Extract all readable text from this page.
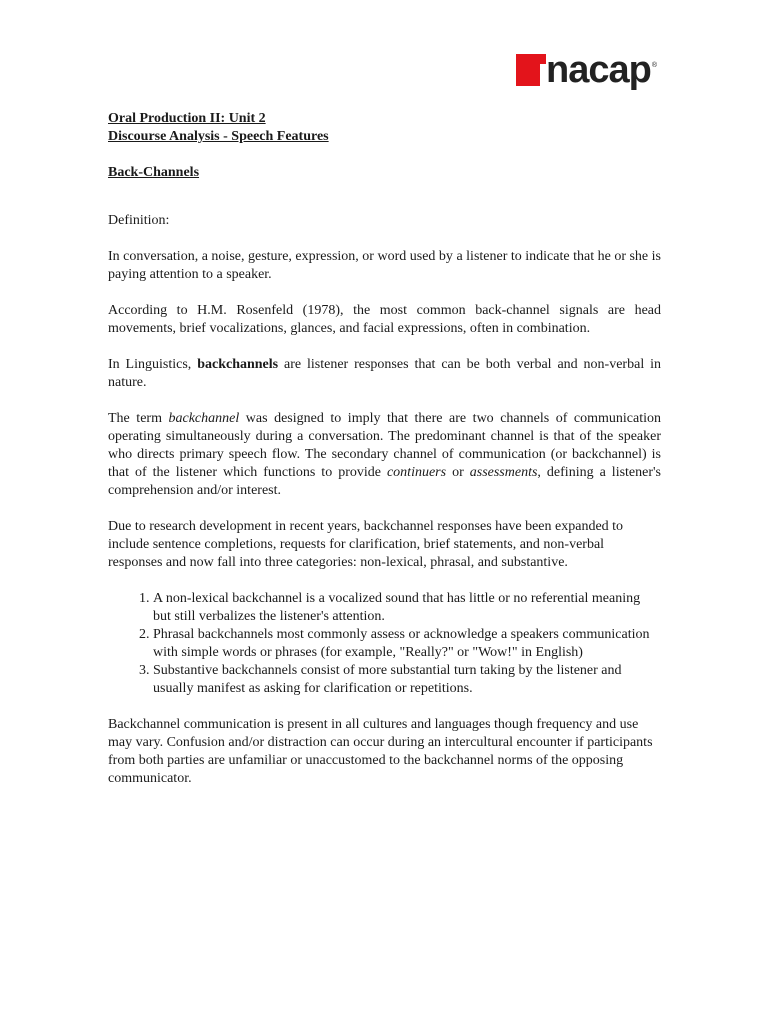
nacap ®

Oral Production II: Unit 2

Discourse Analysis - Speech Features

Back-Channels

Definition:

In conversation, a noise, gesture, expression, or word used by a listener to indicate that he or she is paying attention to a speaker.

According to H.M. Rosenfeld (1978), the most common back-channel signals are head movements, brief vocalizations, glances, and facial expressions, often in combination.

In Linguistics, backchannels are listener responses that can be both verbal and non-verbal in nature.

The term backchannel was designed to imply that there are two channels of communication operating simultaneously during a conversation. The predominant channel is that of the speaker who directs primary speech flow. The secondary channel of communication (or backchannel) is that of the listener which functions to provide continuers or assessments, defining a listener's comprehension and/or interest.

Due to research development in recent years, backchannel responses have been expanded to include sentence completions, requests for clarification, brief statements, and non-verbal responses and now fall into three categories: non-lexical, phrasal, and substantive.

1. A non-lexical backchannel is a vocalized sound that has little or no referential meaning but still verbalizes the listener's attention.
2. Phrasal backchannels most commonly assess or acknowledge a speakers communication with simple words or phrases (for example, "Really?" or "Wow!" in English)
3. Substantive backchannels consist of more substantial turn taking by the listener and usually manifest as asking for clarification or repetitions.

Backchannel communication is present in all cultures and languages though frequency and use may vary. Confusion and/or distraction can occur during an intercultural encounter if participants from both parties are unfamiliar or unaccustomed to the backchannel norms of the opposing communicator.
